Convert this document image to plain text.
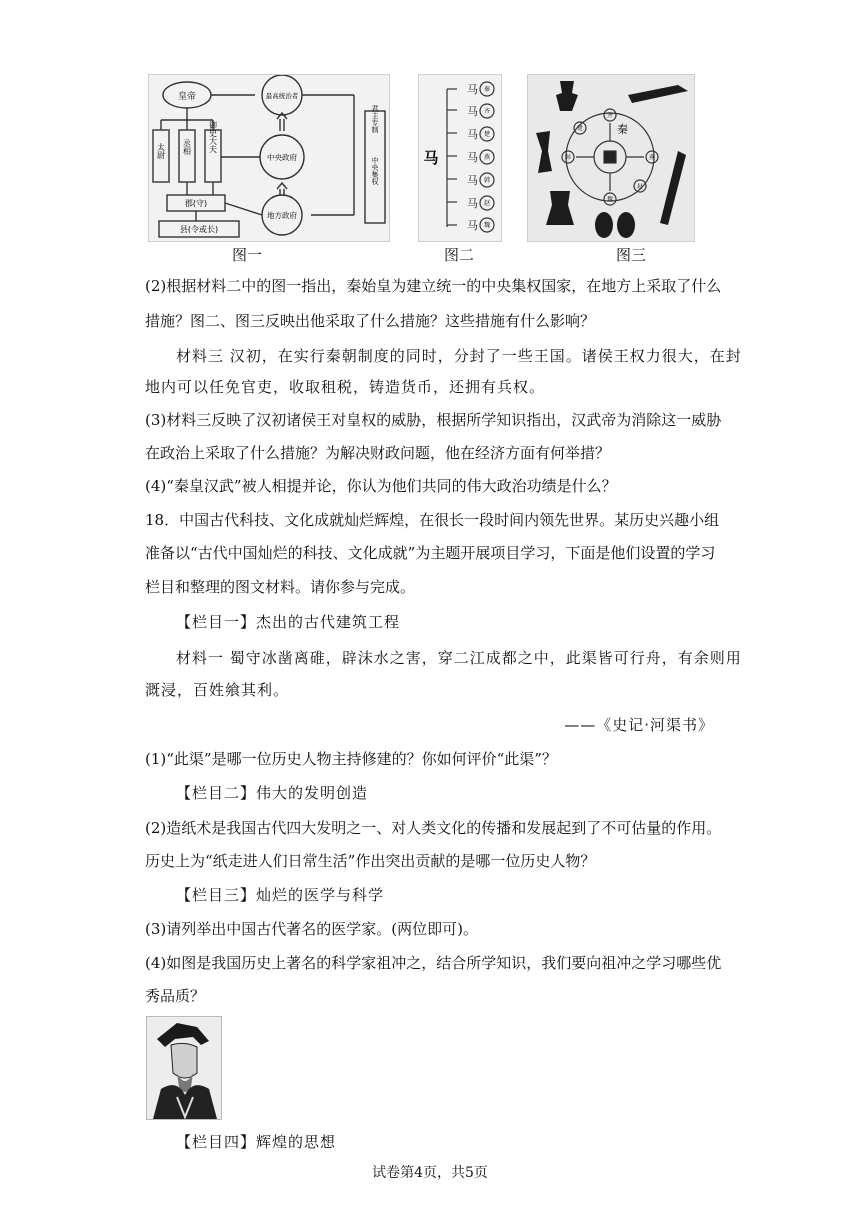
皇帝	最高统治者
太尉 丞相 御史大夫
中央政府
郡(守)
地方政府
县(令或长)
君主专制
中央集权
图一
马
马
马
马
马
马
马
马
秦
齐
楚
燕
韩
赵
魏
图二
秦
齐
燕
赵
魏
韩
楚
图三
(2)根据材料二中的图一指出，秦始皇为建立统一的中央集权国家，在地方上采取了什么
措施？图二、图三反映出他采取了什么措施？这些措施有什么影响？
材料三 汉初，在实行秦朝制度的同时，分封了一些王国。诸侯王权力很大，在封
地内可以任免官吏，收取租税，铸造货币，还拥有兵权。
(3)材料三反映了汉初诸侯王对皇权的威胁，根据所学知识指出，汉武帝为消除这一威胁
在政治上采取了什么措施？为解决财政问题，他在经济方面有何举措？
(4)“秦皇汉武”被人相提并论，你认为他们共同的伟大政治功绩是什么？
18．中国古代科技、文化成就灿烂辉煌，在很长一段时间内领先世界。某历史兴趣小组
准备以“古代中国灿烂的科技、文化成就”为主题开展项目学习，下面是他们设置的学习
栏目和整理的图文材料。请你参与完成。
【栏目一】杰出的古代建筑工程
材料一 蜀守冰凿离碓，辟沫水之害，穿二江成都之中，此渠皆可行舟，有余则用
溉浸，百姓飨其利。
——《史记·河渠书》
(1)“此渠”是哪一位历史人物主持修建的？你如何评价“此渠”？
【栏目二】伟大的发明创造
(2)造纸术是我国古代四大发明之一、对人类文化的传播和发展起到了不可估量的作用。
历史上为“纸走进人们日常生活”作出突出贡献的是哪一位历史人物？
【栏目三】灿烂的医学与科学
(3)请列举出中国古代著名的医学家。(两位即可)。
(4)如图是我国历史上著名的科学家祖冲之，结合所学知识，我们要向祖冲之学习哪些优
秀品质？
【栏目四】辉煌的思想
试卷第4页，共5页
